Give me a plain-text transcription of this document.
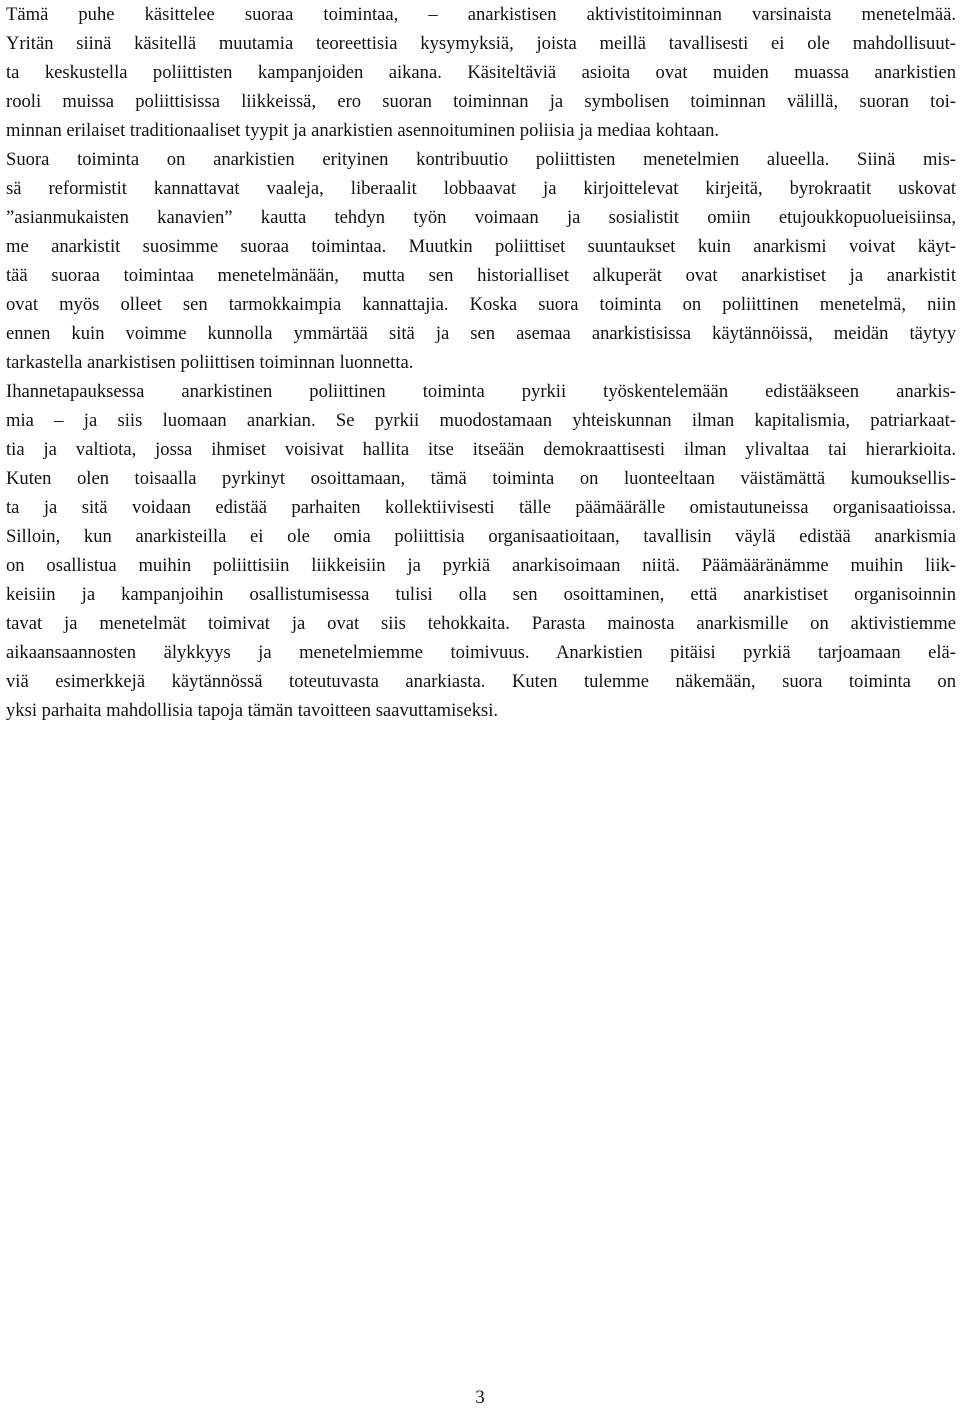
Tämä puhe käsittelee suoraa toimintaa, – anarkistisen aktivistitoiminnan varsinaista menetelmää.
Yritän siinä käsitellä muutamia teoreettisia kysymyksiä, joista meillä tavallisesti ei ole mahdollisuut-
ta keskustella poliittisten kampanjoiden aikana. Käsiteltäviä asioita ovat muiden muassa anarkistien
rooli muissa poliittisissa liikkeissä, ero suoran toiminnan ja symbolisen toiminnan välillä, suoran toi-
minnan erilaiset traditionaaliset tyypit ja anarkistien asennoituminen poliisia ja mediaa kohtaan.
Suora toiminta on anarkistien erityinen kontribuutio poliittisten menetelmien alueella. Siinä mis-
sä reformistit kannattavat vaaleja, liberaalit lobbaavat ja kirjoittelevat kirjeitä, byrokraatit uskovat
”asianmukaisten kanavien” kautta tehdyn työn voimaan ja sosialistit omiin etujoukkopuolueisiinsa,
me anarkistit suosimme suoraa toimintaa. Muutkin poliittiset suuntaukset kuin anarkismi voivat käyt-
tää suoraa toimintaa menetelmänään, mutta sen historialliset alkuperät ovat anarkistiset ja anarkistit
ovat myös olleet sen tarmokkaimpia kannattajia. Koska suora toiminta on poliittinen menetelmä, niin
ennen kuin voimme kunnolla ymmärtää sitä ja sen asemaa anarkistisissa käytännöissä, meidän täytyy
tarkastella anarkistisen poliittisen toiminnan luonnetta.
Ihannetapauksessa anarkistinen poliittinen toiminta pyrkii työskentelemään edistääkseen anarkis-
mia – ja siis luomaan anarkian. Se pyrkii muodostamaan yhteiskunnan ilman kapitalismia, patriarkaat-
tia ja valtiota, jossa ihmiset voisivat hallita itse itseään demokraattisesti ilman ylivaltaa tai hierarkioita.
Kuten olen toisaalla pyrkinyt osoittamaan, tämä toiminta on luonteeltaan väistämättä kumouksellis-
ta ja sitä voidaan edistää parhaiten kollektiivisesti tälle päämäärälle omistautuneissa organisaatioissa.
Silloin, kun anarkisteilla ei ole omia poliittisia organisaatioitaan, tavallisin väylä edistää anarkismia
on osallistua muihin poliittisiin liikkeisiin ja pyrkiä anarkisoimaan niitä. Päämääränämme muihin liik-
keisiin ja kampanjoihin osallistumisessa tulisi olla sen osoittaminen, että anarkistiset organisoinnin
tavat ja menetelmät toimivat ja ovat siis tehokkaita. Parasta mainosta anarkismille on aktivistiemme
aikaansaannosten älykkyys ja menetelmiemme toimivuus. Anarkistien pitäisi pyrkiä tarjoamaan elä-
viä esimerkkejä käytännössä toteutuvasta anarkiasta. Kuten tulemme näkemään, suora toiminta on
yksi parhaita mahdollisia tapoja tämän tavoitteen saavuttamiseksi.
3
